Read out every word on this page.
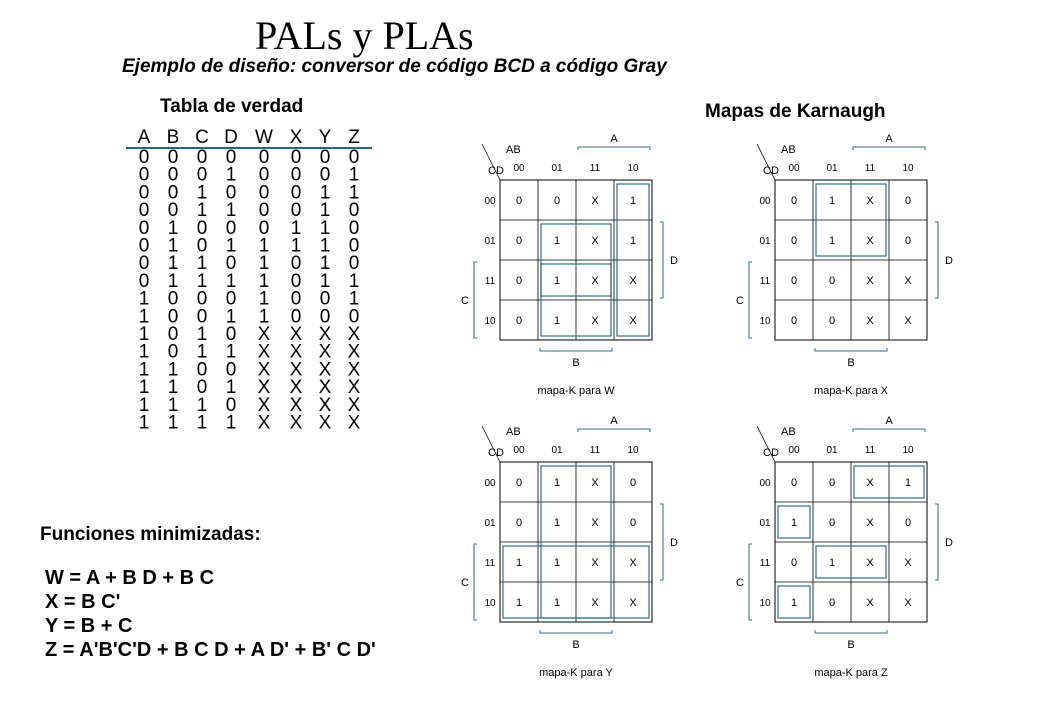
PALs y PLAs
Ejemplo de diseño: conversor de código BCD a código Gray
Tabla de verdad
A B C D W X Y Z
0 0 0 0 0 0 0 0
0 0 0 1 0 0 0 1
0 0 1 0 0 0 1 1
0 0 1 1 0 0 1 0
0 1 0 0 0 1 1 0
0 1 0 1 1 1 1 0
0 1 1 0 1 0 1 0
0 1 1 1 1 0 1 1
1 0 0 0 1 0 0 1
1 0 0 1 1 0 0 0
1 0 1 0 X X X X
1 0 1 1 X X X X
1 1 0 0 X X X X
1 1 0 1 X X X X
1 1 1 0 X X X X
1 1 1 1 X X X X
Mapas de Karnaugh
AB
CD 00	01	11	10
00
01
11
10
A
B
C
D
0	0	X	1
0	1	X	1
0	1	X	X
0	1	X	X
mapa-K para W
AB
CD 00	01	11	10
00
01
11
10
A
B
C
D
0	1	X	0
0	1	X	0
0	0	X	X
0	0	X	X
mapa-K para X
AB
CD 00	01	11	10
00
01
11
10
A
B
C
D
0	1	X	0
0	1	X	0
1	1	X	X
1	1	X	X
mapa-K para Y
AB
CD 00	01	11	10
00
01
11
10
A
B
C
D
0	0	X	1
1	0	X	0
0	1	X	X
1	0	X	X
mapa-K para Z
Funciones minimizadas:
W = A + B D + B C
X = B C'
Y = B + C
Z = A'B'C'D + B C D + A D' + B' C D'
